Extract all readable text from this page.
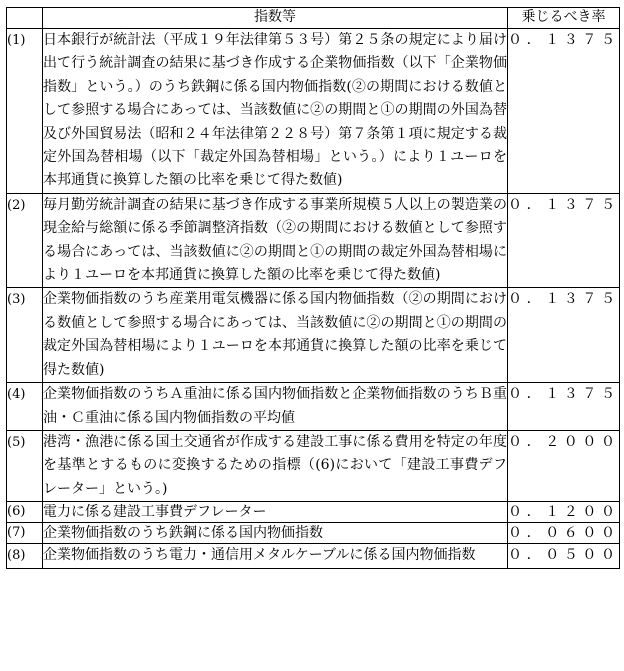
	指数等	乗じるべき率
(1)	日本銀行が統計法（平成１９年法律第５３号）第２５条の規定により届け出て行う統計調査の結果に基づき作成する企業物価指数（以下「企業物価指数」という。）のうち鉄鋼に係る国内物価指数(②の期間における数値として参照する場合にあっては、当該数値に②の期間と①の期間の外国為替及び外国貿易法（昭和２４年法律第２２８号）第７条第１項に規定する裁定外国為替相場（以下「裁定外国為替相場」という。）により１ユーロを本邦通貨に換算した額の比率を乗じて得た数値)	０．１３７５
(2)	毎月勤労統計調査の結果に基づき作成する事業所規模５人以上の製造業の現金給与総額に係る季節調整済指数（②の期間における数値として参照する場合にあっては、当該数値に②の期間と①の期間の裁定外国為替相場により１ユーロを本邦通貨に換算した額の比率を乗じて得た数値)	０．１３７５
(3)	企業物価指数のうち産業用電気機器に係る国内物価指数（②の期間における数値として参照する場合にあっては、当該数値に②の期間と①の期間の裁定外国為替相場により１ユーロを本邦通貨に換算した額の比率を乗じて得た数値)	０．１３７５
(4)	企業物価指数のうちＡ重油に係る国内物価指数と企業物価指数のうちＢ重油・Ｃ重油に係る国内物価指数の平均値	０．１３７５
(5)	港湾・漁港に係る国土交通省が作成する建設工事に係る費用を特定の年度を基準とするものに変換するための指標（(6)において「建設工事費デフレーター」という。)	０．２０００
(6)	電力に係る建設工事費デフレーター	０．１２００
(7)	企業物価指数のうち鉄鋼に係る国内物価指数	０．０６００
(8)	企業物価指数のうち電力・通信用メタルケーブルに係る国内物価指数	０．０５００
